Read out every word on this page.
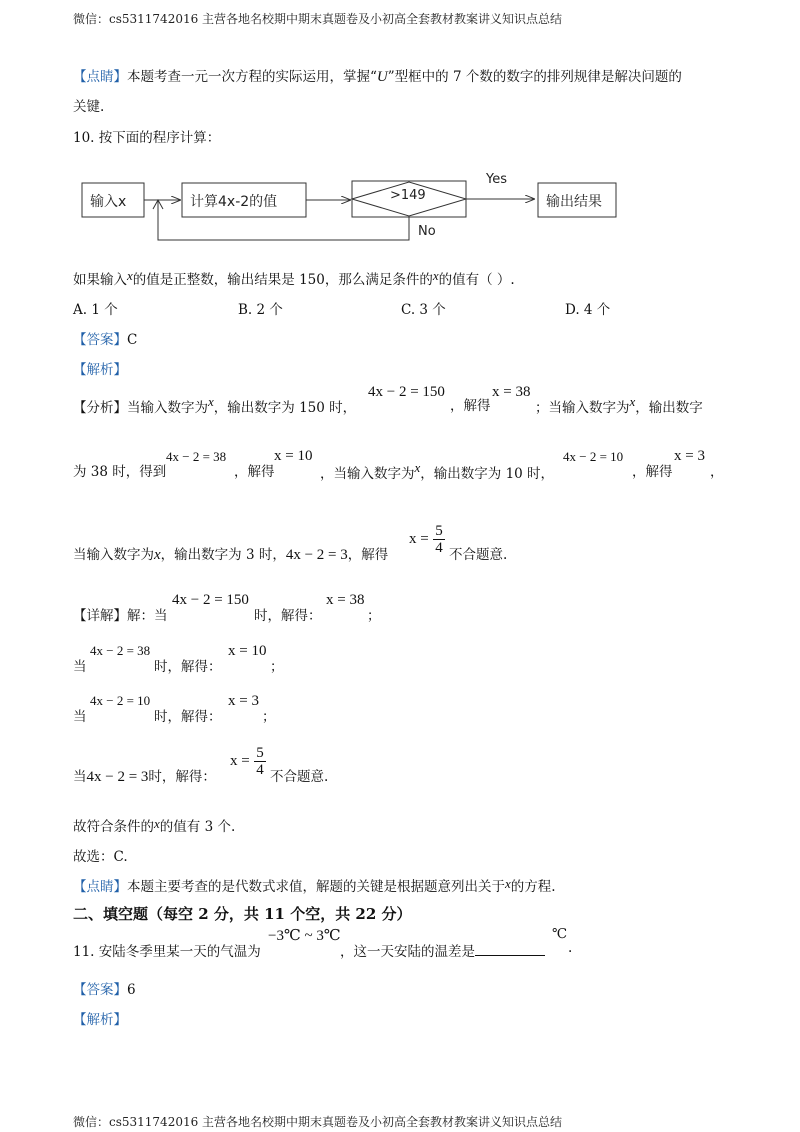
微信：cs5311742016 主营各地名校期中期末真题卷及小初高全套教材教案讲义知识点总结
【点睛】本题考查一元一次方程的实际运用，掌握“U”型框中的 7 个数的数字的排列规律是解决问题的
关键.
10. 按下面的程序计算：
输入x	计算4x-2的值	>149
Yes
输出结果
No
如果输入x的值是正整数，输出结果是 150，那么满足条件的x的值有（ ）.
A. 1 个	B. 2 个	C. 3 个	D. 4 个
【答案】C
【解析】
【分析】当输入数字为x，输出数字为 150 时，
4x − 2 = 150
，解得
x = 38
；当输入数字为x，输出数字
为 38 时，得到
4x − 2 = 38
，解得
x = 10
，当输入数字为x，输出数字为 10 时，
4x − 2 = 10
，解得
x = 3
，
当输入数字为x，输出数字为 3 时，4x − 2 = 3，解得
$x = \frac{5}{4}$ 不合题意.
【详解】解：当
4x − 2 = 150
时，解得：
x = 38
；
当
4x − 2 = 38
时，解得：
x = 10
；
当
4x − 2 = 10
时，解得：
x = 3
；
当4x − 2 = 3时，解得：
$x = \frac{5}{4}$ 不合题意.
故符合条件的x的值有 3 个.
故选：C.
【点睛】本题主要考查的是代数式求值，解题的关键是根据题意列出关于x的方程.
二、填空题（每空 2 分，共 11 个空，共 22 分）
11. 安陆冬季里某一天的气温为
−3℃ ~ 3℃
，这一天安陆的温差是
℃
.
【答案】6
【解析】
微信：cs5311742016 主营各地名校期中期末真题卷及小初高全套教材教案讲义知识点总结
